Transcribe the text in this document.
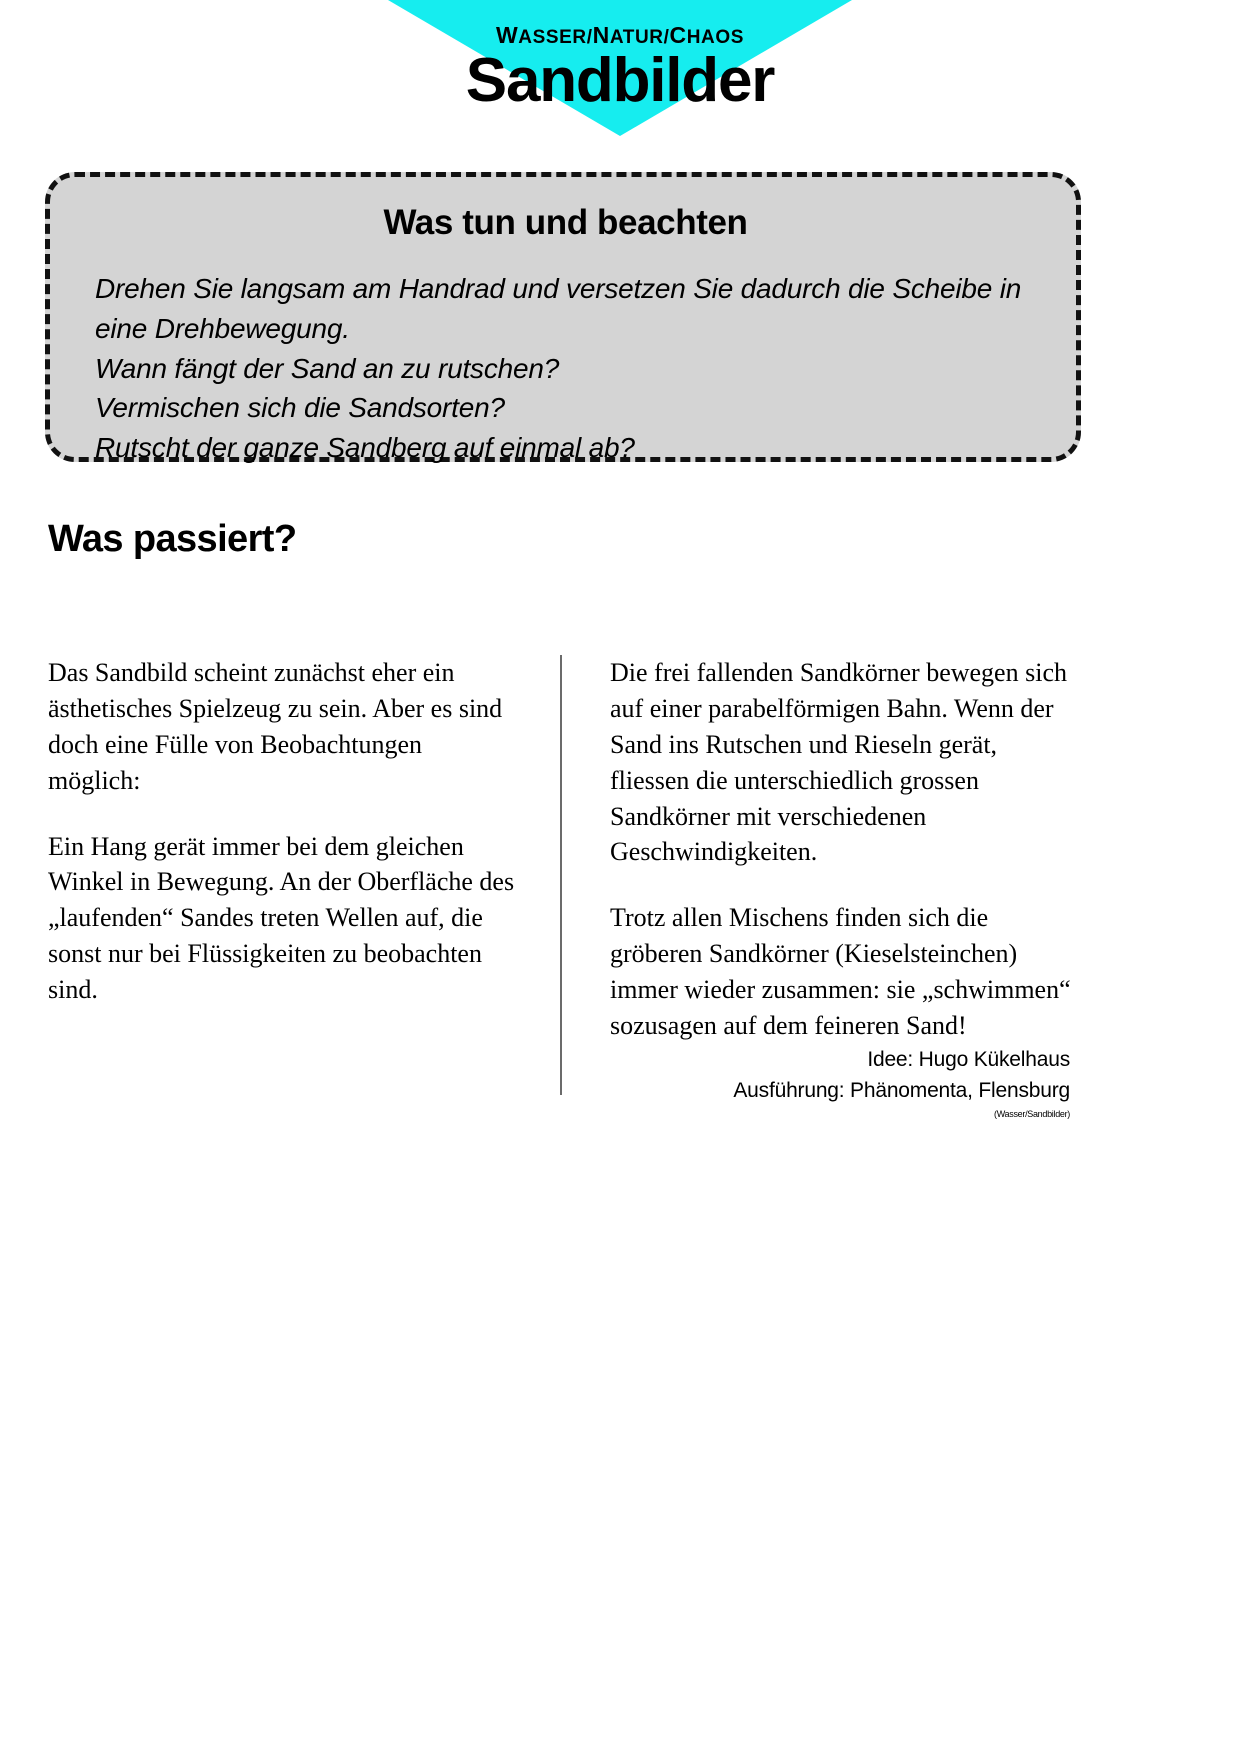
WASSER/NATUR/CHAOS
Sandbilder
Was tun und beachten

Drehen Sie langsam am Handrad und versetzen Sie dadurch die Scheibe in eine Drehbewegung.

Wann fängt der Sand an zu rutschen?

Vermischen sich die Sandsorten?

Rutscht der ganze Sandberg auf einmal ab?

Was passiert?

Das Sandbild scheint zunächst eher ein ästhetisches Spielzeug zu sein. Aber es sind doch eine Fülle von Beobachtungen möglich:

Ein Hang gerät immer bei dem gleichen Winkel in Bewegung. An der Oberfläche des „laufenden“ Sandes treten Wellen auf, die sonst nur bei Flüssigkeiten zu beobachten sind.

Die frei fallenden Sandkörner bewegen sich auf einer parabelförmigen Bahn. Wenn der Sand ins Rutschen und Rieseln gerät, fliessen die unterschiedlich grossen Sandkörner mit verschiedenen Geschwindigkeiten.

Trotz allen Mischens finden sich die gröberen Sandkörner (Kieselsteinchen) immer wieder zusammen: sie „schwimmen“ sozusagen auf dem feineren Sand!

Idee: Hugo Kükelhaus
Ausführung: Phänomenta, Flensburg
(Wasser/Sandbilder)
